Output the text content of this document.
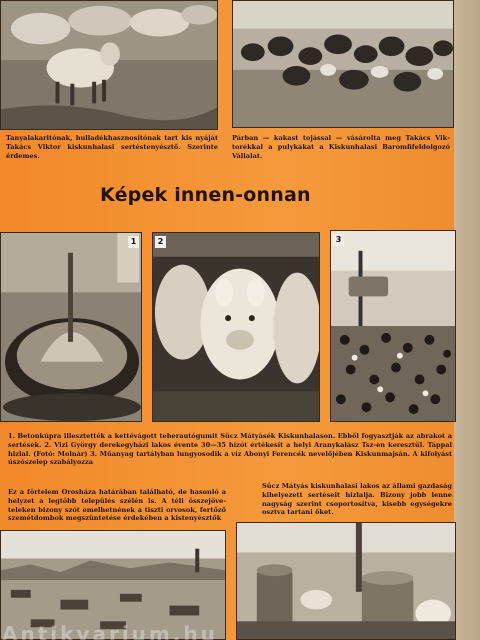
Tanyalakaritónak, hulladékhasznosítónak tart kis nyáját Takács Viktor kiskunhalasi sertéstenyésztő. Szerinte érdemes.
Párban — kakast tojással — vásárolta meg Takács Viktorékkal a pulykákat a Kiskunhalasi Baromfifeldolgozó Vállalat.
Képek innen-onnan
1	2	3
1. Betonkúpra illesztették a kettévágott teherautógumit Sücz Mátyásék Kiskunhalason. Ebből fogyasztják az abrakot a sertések. 2. Vizi György derekegyházi lakos évente 30—35 hízót értékesít a helyi Aranykalász Tsz-en keresztül. Táppal hizlal. (Fotó: Molnár) 3. Műanyag tartályban lungyosodik a víz Abonyi Ferencék nevelőjében Kiskunmajsán. A kifolyást úszószelep szabályozza
Ez a förtelem Orosháza határában található, de hasonló a helyzet a legtöbb település szélén is. A téli összejöveteleken bizony szót emelhetnének a tiszti orvosok, fertőző szemétdombok megszüntetése érdekében a kistenyésztők
Sücz Mátyás kiskunhalasi lakos az állami gazdaság kihelyezett sertéseit hizlalja. Bizony jobb lenne nagyság szerint csoportosítva, kisebb egységekre osztva tartani őket.
Antikvarium.hu
